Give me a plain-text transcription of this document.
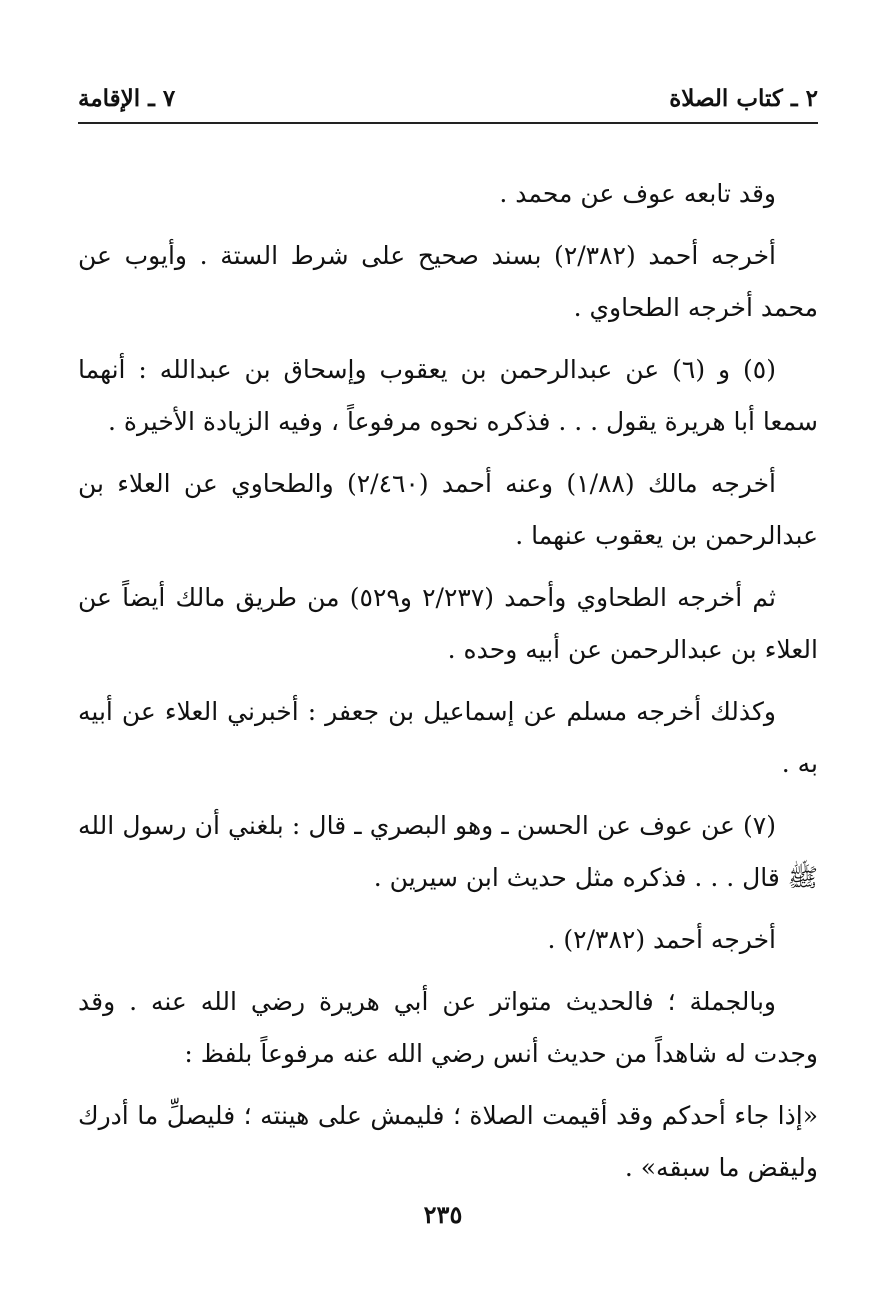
٢ ـ كتاب الصلاة
٧ ـ الإقامة

وقد تابعه عوف عن محمد .

أخرجه أحمد (٢/٣٨٢) بسند صحيح على شرط الستة . وأيوب عن محمد أخرجه الطحاوي .

(٥) و (٦) عن عبدالرحمن بن يعقوب وإسحاق بن عبدالله : أنهما سمعا أبا هريرة يقول . . . فذكره نحوه مرفوعاً ، وفيه الزيادة الأخيرة .

أخرجه مالك (١/٨٨) وعنه أحمد (٢/٤٦٠) والطحاوي عن العلاء بن عبدالرحمن بن يعقوب عنهما .

ثم أخرجه الطحاوي وأحمد (٢/٢٣٧ و٥٢٩) من طريق مالك أيضاً عن العلاء بن عبدالرحمن عن أبيه وحده .

وكذلك أخرجه مسلم عن إسماعيل بن جعفر : أخبرني العلاء عن أبيه به .

(٧) عن عوف عن الحسن ـ وهو البصري ـ قال : بلغني أن رسول الله ﷺ قال . . . فذكره مثل حديث ابن سيرين .

أخرجه أحمد (٢/٣٨٢) .

وبالجملة ؛ فالحديث متواتر عن أبي هريرة رضي الله عنه . وقد وجدت له شاهداً من حديث أنس رضي الله عنه مرفوعاً بلفظ :

«إذا جاء أحدكم وقد أقيمت الصلاة ؛ فليمش على هينته ؛ فليصلِّ ما أدرك وليقض ما سبقه» .

٢٣٥
